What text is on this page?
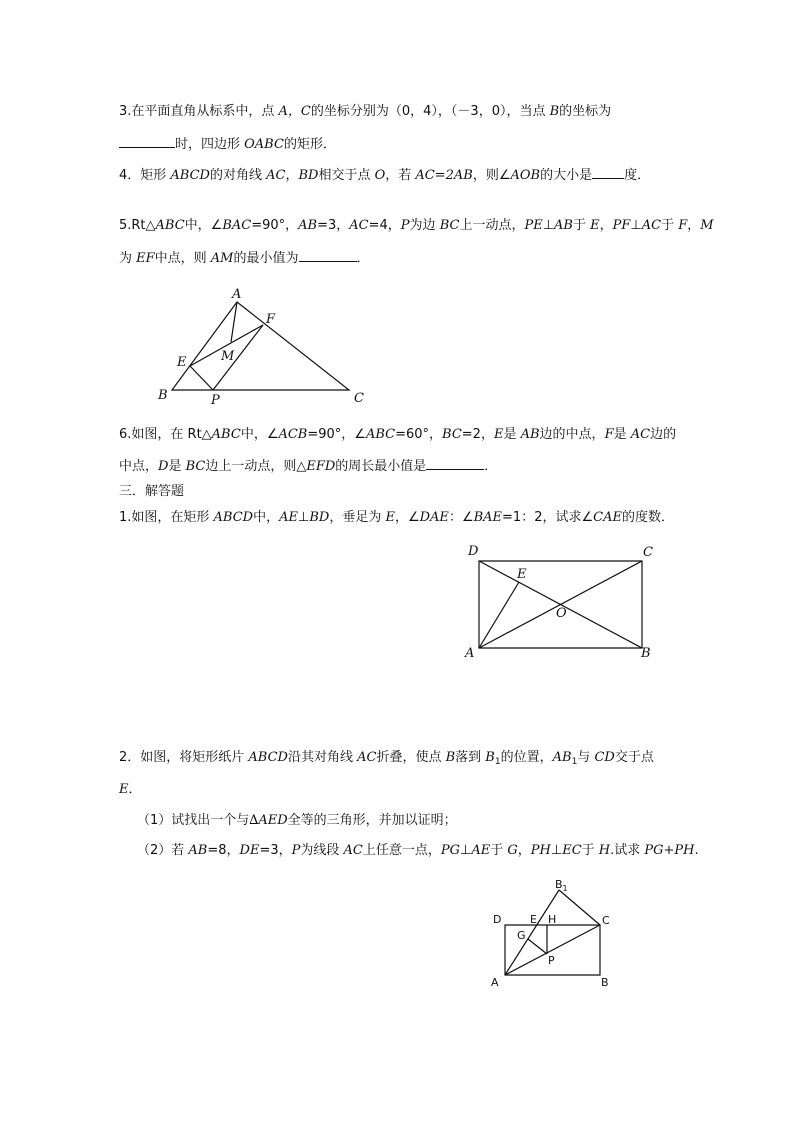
3.在平面直角从标系中，点 A，C的坐标分别为（0，4），（－3，0），当点 B的坐标为
时，四边形 OABC的矩形．
4．矩形 ABCD的对角线 AC，BD相交于点 O，若 AC=2AB，则∠AOB的大小是 度．
5.Rt△ABC中，∠BAC=90°，AB=3，AC=4，P为边 BC上一动点，PE⊥AB于 E，PF⊥AC于 F，M
为 EF中点，则 AM的最小值为	．
A
B	C
E
F
M
P
6.如图，在 Rt△ABC中，∠ACB=90°，∠ABC=60°，BC=2，E是 AB边的中点，F是 AC边的
中点，D是 BC边上一动点，则△EFD的周长最小值是	．
三．解答题
1.如图，在矩形 ABCD中，AE⊥BD，垂足为 E，∠DAE：∠BAE=1：2，试求∠CAE的度数．
D	C
A	B
E
O
2．如图，将矩形纸片 ABCD沿其对角线 AC折叠，使点 B落到 $B_1$的位置，$AB_1$与 CD交于点
E．
（1）试找出一个与∆AED全等的三角形，并加以证明；
（2）若 AB=8，DE=3，P为线段 AC上任意一点，PG⊥AE于 G，PH⊥EC于 H.试求 PG+PH.
D	C
A	B
E H
G
P
$B_1$
